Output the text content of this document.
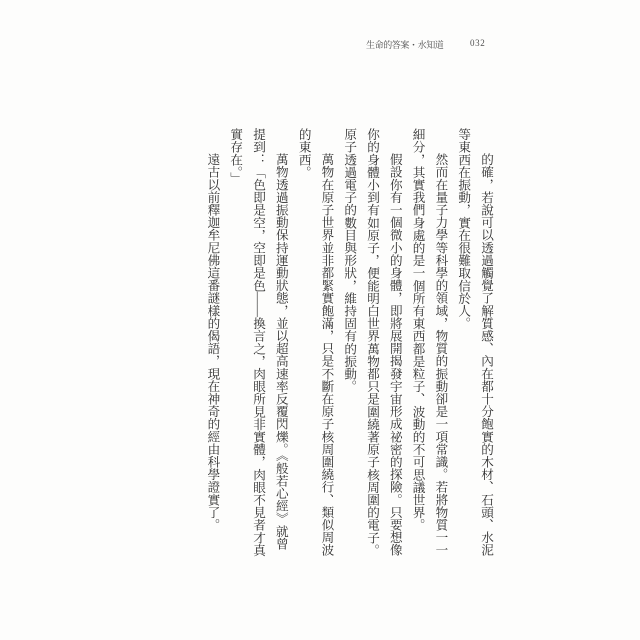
生命的答案・水知道	032

的確，若說可以透過觸覺了解質感、內在都十分飽實的木材、石頭、水泥等東西在振動，實在很難取信於人。

然而在量子力學等科學的領域，物質的振動卻是一項常識。若將物質一一細分，其實我們身處的是一個所有東西都是粒子、波動的不可思議世界。

假設你有一個微小的身體，即將展開揭發宇宙形成祕密的探險。只要想像你的身體小到有如原子，便能明白世界萬物都只是圍繞著原子核周圍的電子。原子透過電子的數目與形狀，維持固有的振動。

萬物在原子世界並非都緊實飽滿，只是不斷在原子核周圍繞行、類似周波的東西。

萬物透過振動保持運動狀態，並以超高速率反覆閃爍。《般若心經》就曾提到：「色即是空，空即是色——換言之，肉眼所見非實體，肉眼不見者才真實存在。」

遠古以前釋迦牟尼佛這番謎樣的偈語，現在神奇的經由科學證實了。
